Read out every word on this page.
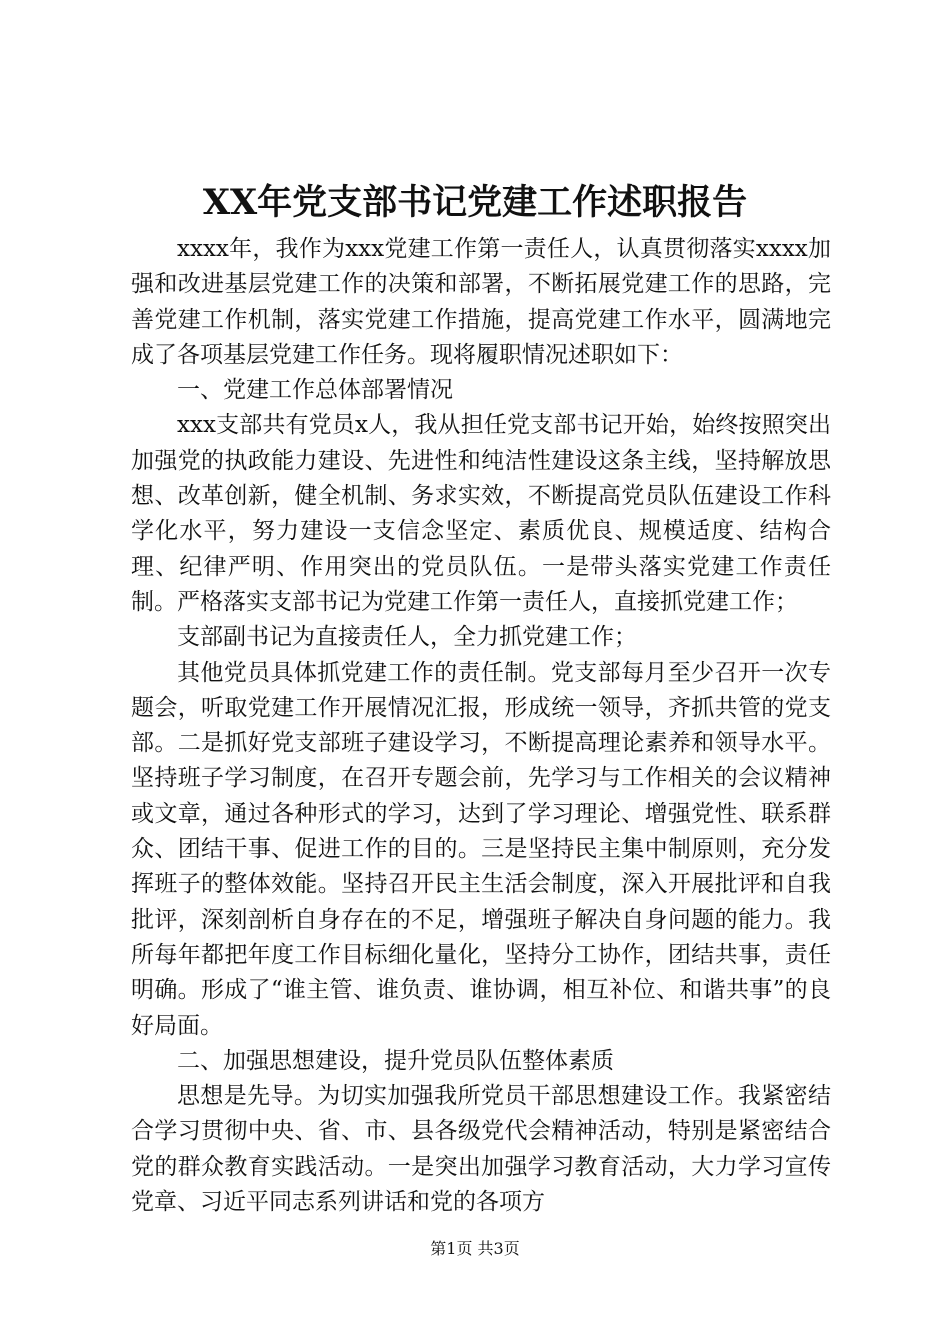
XX年党支部书记党建工作述职报告

xxxx年，我作为xxx党建工作第一责任人，认真贯彻落实xxxx加强和改进基层党建工作的决策和部署，不断拓展党建工作的思路，完善党建工作机制，落实党建工作措施，提高党建工作水平，圆满地完成了各项基层党建工作任务。现将履职情况述职如下：

一、党建工作总体部署情况

xxx支部共有党员x人，我从担任党支部书记开始，始终按照突出加强党的执政能力建设、先进性和纯洁性建设这条主线，坚持解放思想、改革创新，健全机制、务求实效，不断提高党员队伍建设工作科学化水平，努力建设一支信念坚定、素质优良、规模适度、结构合理、纪律严明、作用突出的党员队伍。一是带头落实党建工作责任制。严格落实支部书记为党建工作第一责任人，直接抓党建工作；

支部副书记为直接责任人，全力抓党建工作；

其他党员具体抓党建工作的责任制。党支部每月至少召开一次专题会，听取党建工作开展情况汇报，形成统一领导，齐抓共管的党支部。二是抓好党支部班子建设学习，不断提高理论素养和领导水平。坚持班子学习制度，在召开专题会前，先学习与工作相关的会议精神或文章，通过各种形式的学习，达到了学习理论、增强党性、联系群众、团结干事、促进工作的目的。三是坚持民主集中制原则，充分发挥班子的整体效能。坚持召开民主生活会制度，深入开展批评和自我批评，深刻剖析自身存在的不足，增强班子解决自身问题的能力。我所每年都把年度工作目标细化量化，坚持分工协作，团结共事，责任明确。形成了“谁主管、谁负责、谁协调，相互补位、和谐共事”的良好局面。

二、加强思想建设，提升党员队伍整体素质

思想是先导。为切实加强我所党员干部思想建设工作。我紧密结合学习贯彻中央、省、市、县各级党代会精神活动，特别是紧密结合党的群众教育实践活动。一是突出加强学习教育活动，大力学习宣传党章、习近平同志系列讲话和党的各项方

第1页 共3页
